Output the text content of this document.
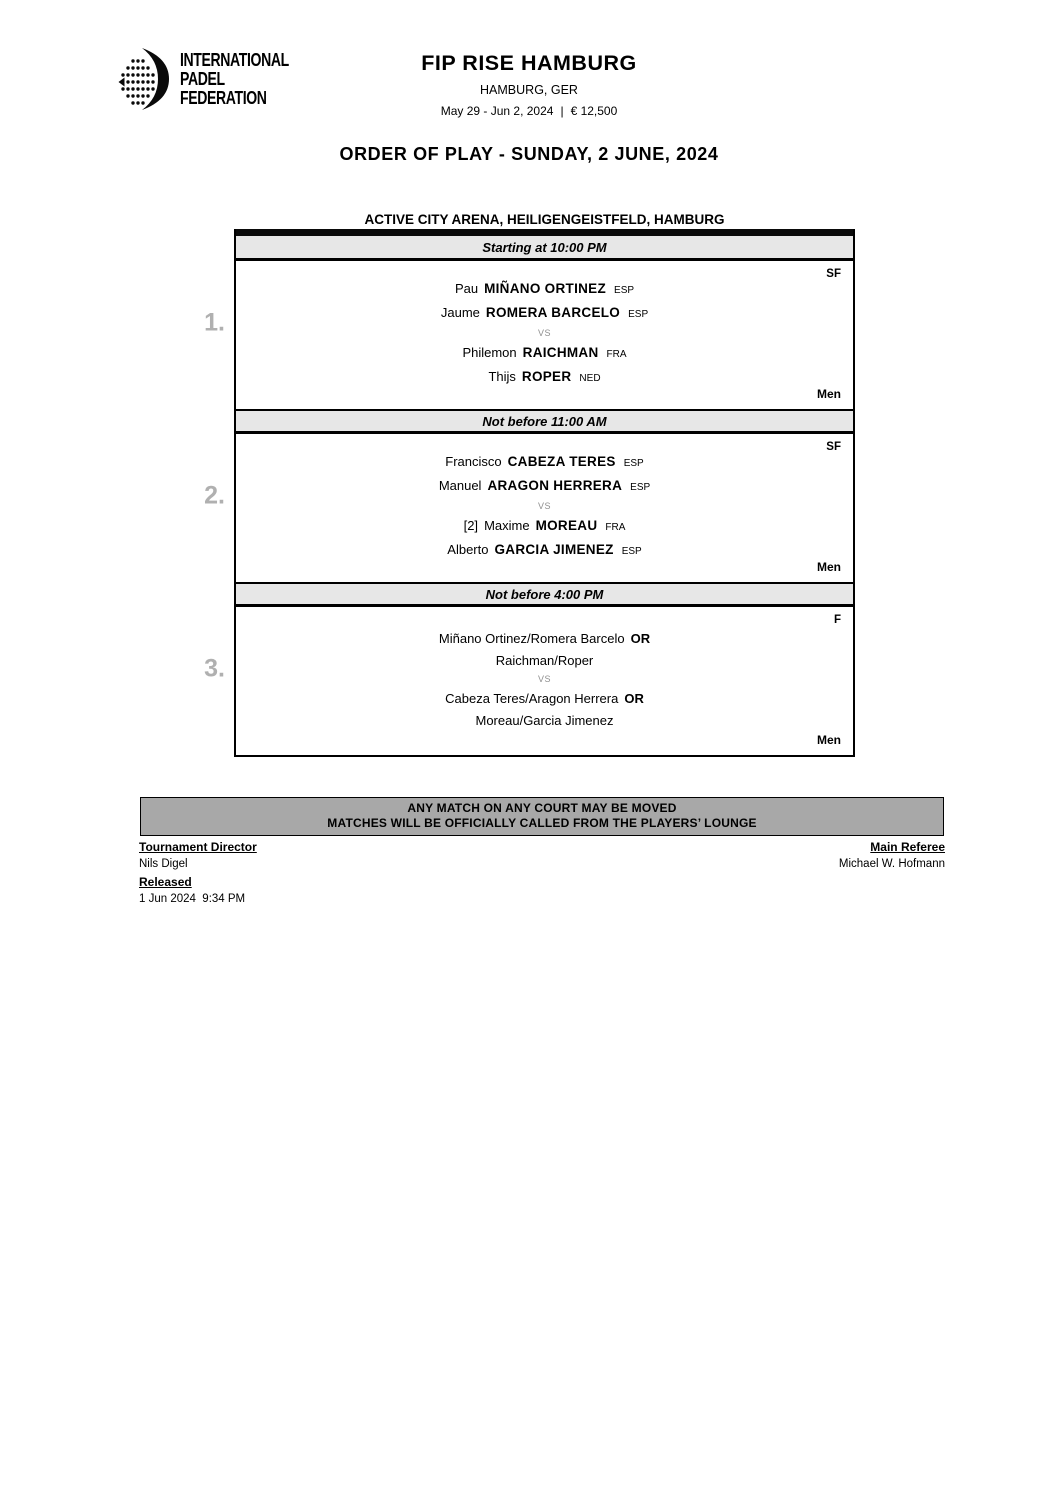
INTERNATIONAL
PADEL
FEDERATION
FIP RISE HAMBURG
HAMBURG, GER
May 29 - Jun 2, 2024 | € 12,500
ORDER OF PLAY - SUNDAY, 2 JUNE, 2024
ACTIVE CITY ARENA, HEILIGENGEISTFELD, HAMBURG
Starting at 10:00 PM
1.
SF
Pau MIÑANO ORTINEZ ESP
Jaume ROMERA BARCELO ESP
VS
Philemon RAICHMAN FRA
Thijs ROPER NED
Men
Not before 11:00 AM
2.
SF
Francisco CABEZA TERES ESP
Manuel ARAGON HERRERA ESP
VS
[2] Maxime MOREAU FRA
Alberto GARCIA JIMENEZ ESP
Men
Not before 4:00 PM
3.
F
Miñano Ortinez/Romera Barcelo OR
Raichman/Roper
VS
Cabeza Teres/Aragon Herrera OR
Moreau/Garcia Jimenez
Men
ANY MATCH ON ANY COURT MAY BE MOVED
MATCHES WILL BE OFFICIALLY CALLED FROM THE PLAYERS’ LOUNGE
Tournament Director
Nils Digel
Released
1 Jun 2024  9:34 PM
Main Referee
Michael W. Hofmann
